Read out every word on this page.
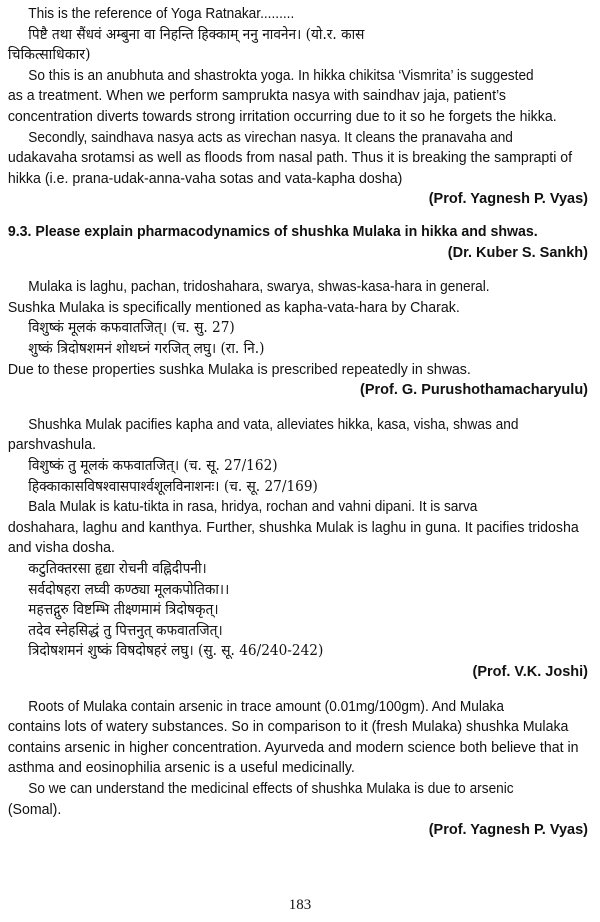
This is the reference of Yoga Ratnakar.........
पिष्टै तथा सैंधवं अम्बुना वा निहन्ति हिक्काम् ननु नावनेन। (यो.र. कास
चिकित्साधिकार)
So this is an anubhuta and shastrokta yoga. In hikka chikitsa ‘Vismrita’ is suggested
as a treatment. When we perform samprukta nasya with saindhav jaja, patient’s
concentration diverts towards strong irritation occurring due to it so he forgets the hikka.
Secondly, saindhava nasya acts as virechan nasya. It cleans the pranavaha and
udakavaha srotamsi as well as floods from nasal path. Thus it is breaking the samprapti of
hikka (i.e. prana-udak-anna-vaha sotas and vata-kapha dosha)
(Prof. Yagnesh P. Vyas)
9.3. Please explain pharmacodynamics of shushka Mulaka in hikka and shwas.
(Dr. Kuber S. Sankh)
Mulaka is laghu, pachan, tridoshahara, swarya, shwas-kasa-hara in general.
Sushka Mulaka is specifically mentioned as kapha-vata-hara by Charak.
विशुष्कं मूलकं कफवातजित्। (च. सु. 27)
शुष्कं त्रिदोषशमनं शोथघ्नं गरजित् लघु। (रा. नि.)
Due to these properties sushka Mulaka is prescribed repeatedly in shwas.
(Prof. G. Purushothamacharyulu)
Shushka Mulak pacifies kapha and vata, alleviates hikka, kasa, visha, shwas and
parshvashula.
विशुष्कं तु मूलकं कफवातजित्। (च. सू. 27/162)
हिक्काकासविषश्वासपार्श्वशूलविनाशनः। (च. सू. 27/169)
Bala Mulak is katu-tikta in rasa, hridya, rochan and vahni dipani. It is sarva
doshahara, laghu and kanthya. Further, shushka Mulak is laghu in guna. It pacifies tridosha
and visha dosha.
कटुतिक्तरसा हृद्या रोचनी वह्निदीपनी।
सर्वदोषहरा लघ्वी कण्ठ्या मूलकपोतिका।।
महत्तद्गुरु विष्टम्भि तीक्ष्णमामं त्रिदोषकृत्।
तदेव स्नेहसिद्धं तु पित्तनुत् कफवातजित्।
त्रिदोषशमनं शुष्कं विषदोषहरं लघु। (सु. सू. 46/240-242)
(Prof. V.K. Joshi)
Roots of Mulaka contain arsenic in trace amount (0.01mg/100gm). And Mulaka
contains lots of watery substances. So in comparison to it (fresh Mulaka) shushka Mulaka
contains arsenic in higher concentration. Ayurveda and modern science both believe that in
asthma and eosinophilia arsenic is a useful medicinally.
So we can understand the medicinal effects of shushka Mulaka is due to arsenic
(Somal).
(Prof. Yagnesh P. Vyas)
183
